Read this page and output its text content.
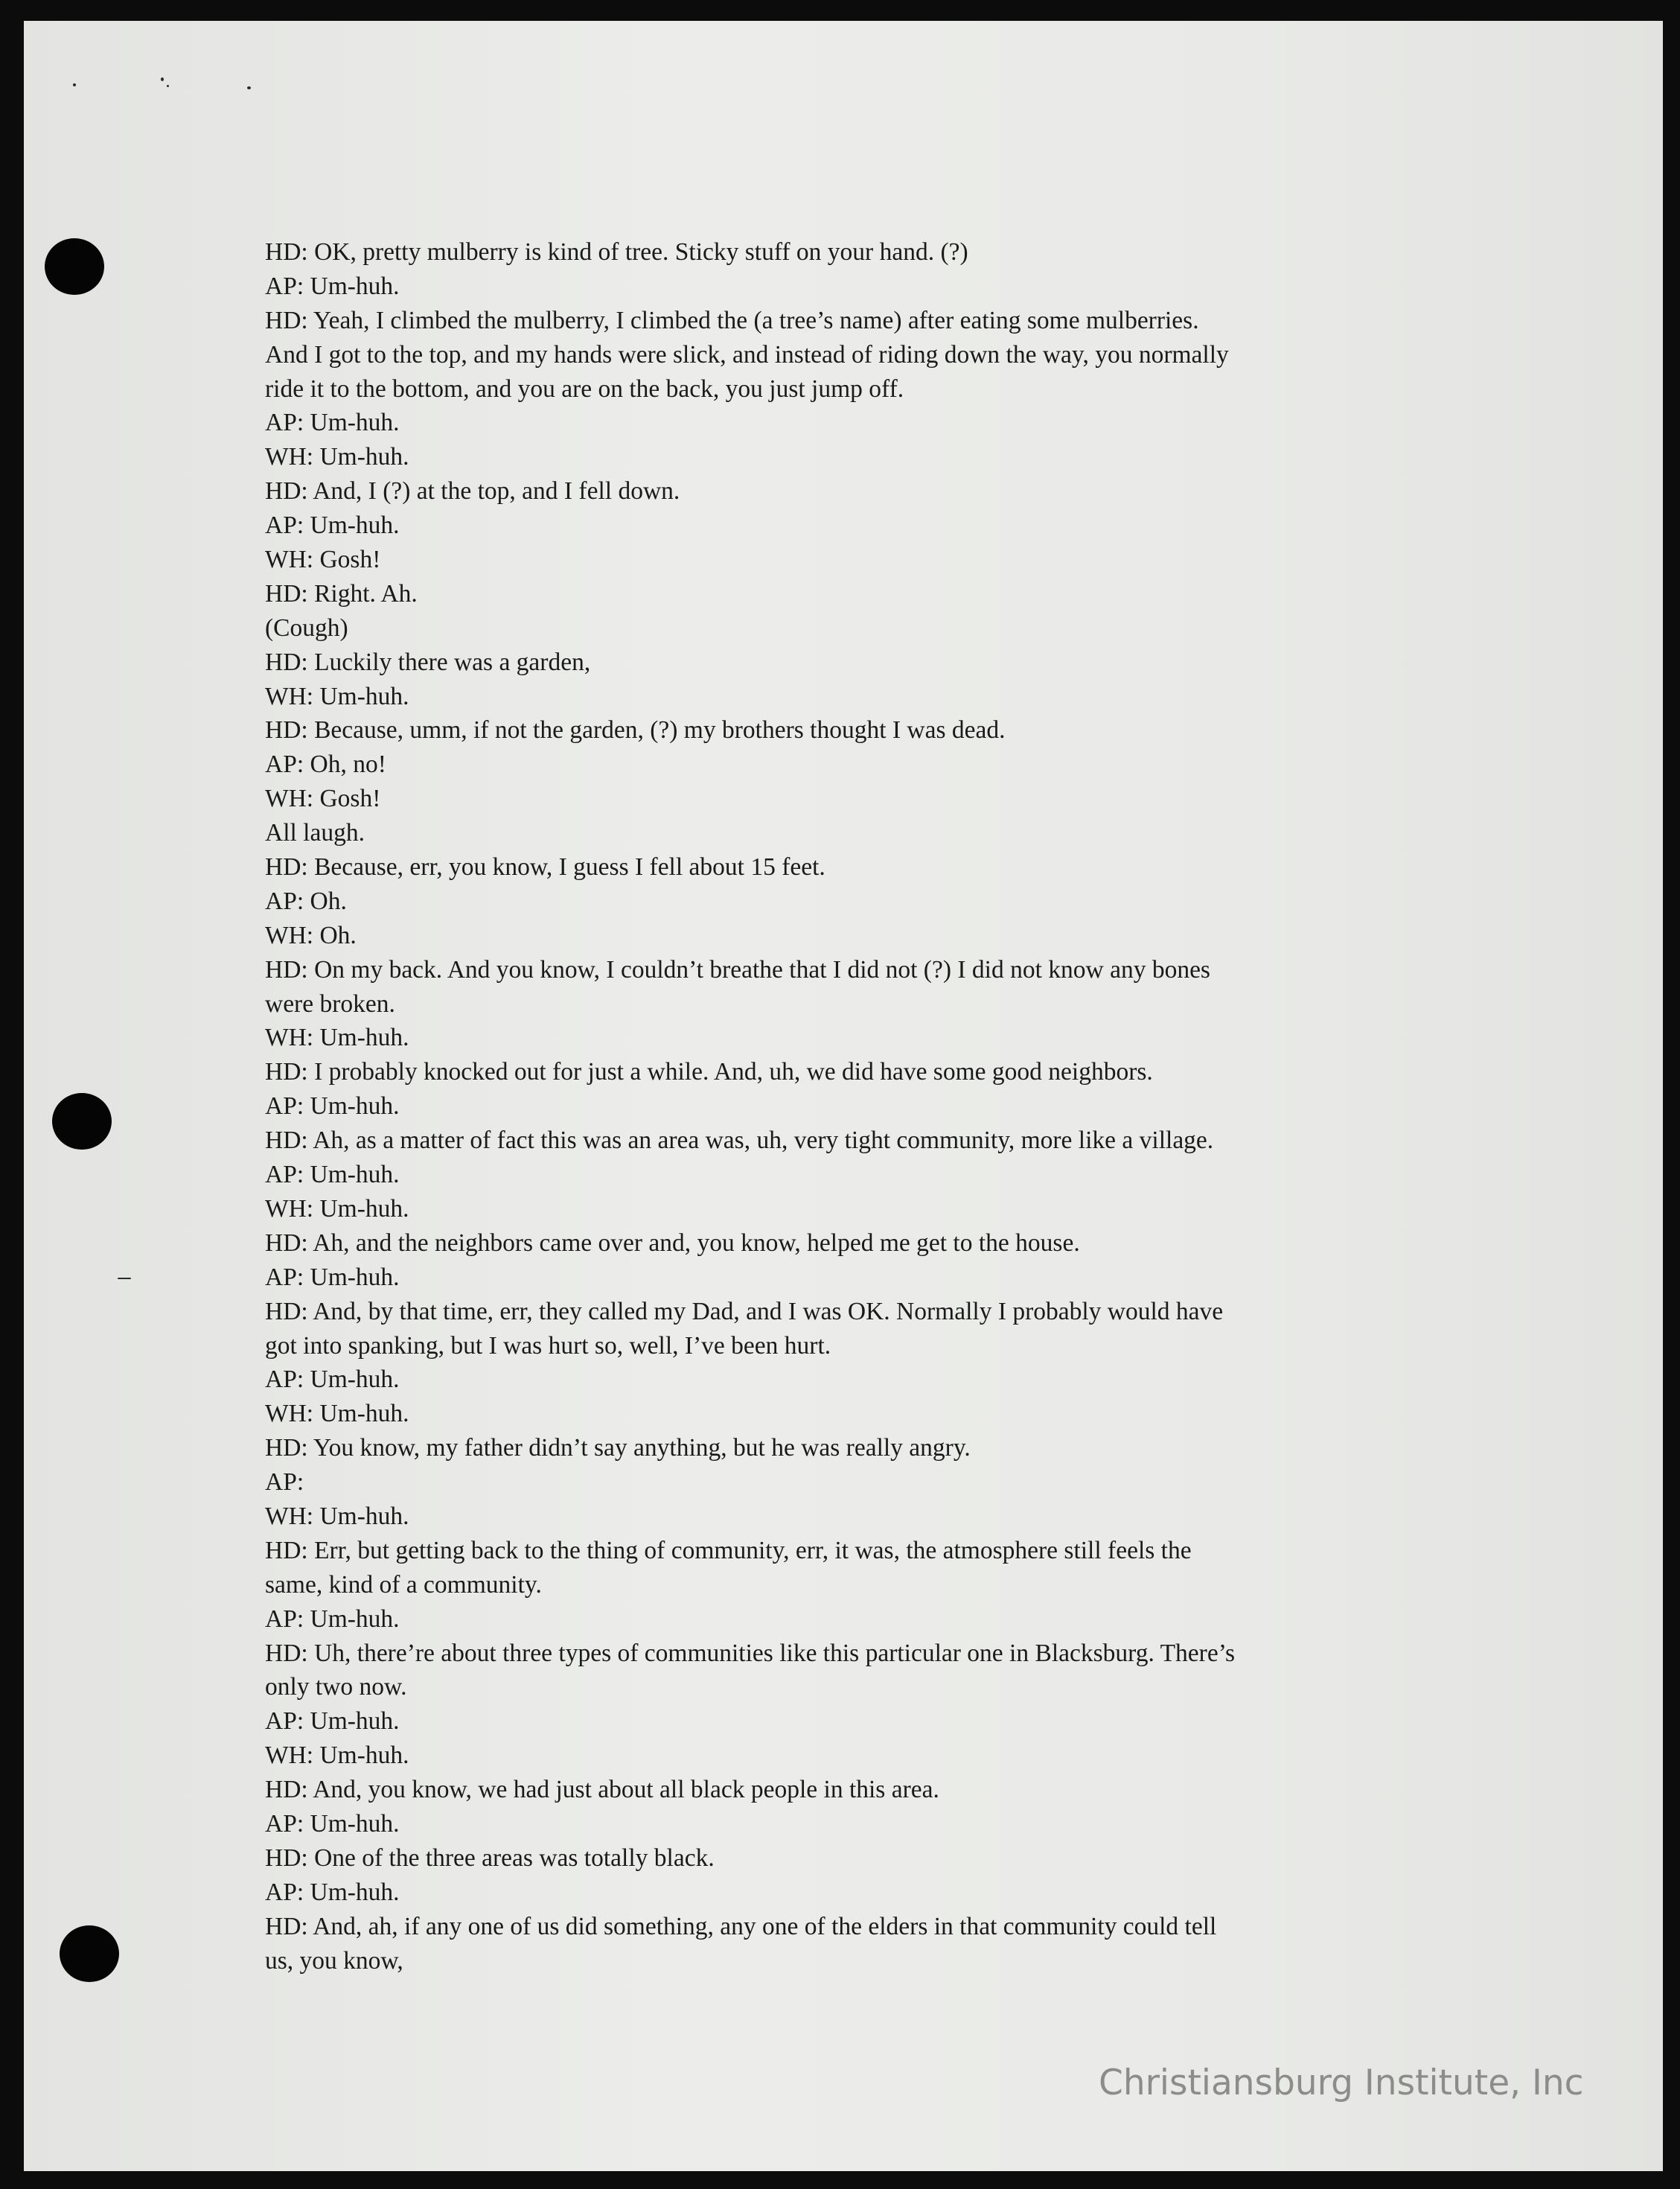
HD: OK, pretty mulberry is kind of tree. Sticky stuff on your hand. (?)
AP: Um-huh.
HD: Yeah, I climbed the mulberry, I climbed the (a tree’s name) after eating some mulberries.
And I got to the top, and my hands were slick, and instead of riding down the way, you normally
ride it to the bottom, and you are on the back, you just jump off.
AP: Um-huh.
WH: Um-huh.
HD: And, I (?) at the top, and I fell down.
AP: Um-huh.
WH: Gosh!
HD: Right. Ah.
(Cough)
HD: Luckily there was a garden,
WH: Um-huh.
HD: Because, umm, if not the garden, (?) my brothers thought I was dead.
AP: Oh, no!
WH: Gosh!
All laugh.
HD: Because, err, you know, I guess I fell about 15 feet.
AP: Oh.
WH: Oh.
HD: On my back. And you know, I couldn’t breathe that I did not (?) I did not know any bones
were broken.
WH: Um-huh.
HD: I probably knocked out for just a while. And, uh, we did have some good neighbors.
AP: Um-huh.
HD: Ah, as a matter of fact this was an area was, uh, very tight community, more like a village.
AP: Um-huh.
WH: Um-huh.
HD: Ah, and the neighbors came over and, you know, helped me get to the house.
AP: Um-huh.
HD: And, by that time, err, they called my Dad, and I was OK. Normally I probably would have
got into spanking, but I was hurt so, well, I’ve been hurt.
AP: Um-huh.
WH: Um-huh.
HD: You know, my father didn’t say anything, but he was really angry.
AP:
WH: Um-huh.
HD: Err, but getting back to the thing of community, err, it was, the atmosphere still feels the
same, kind of a community.
AP: Um-huh.
HD: Uh, there’re about three types of communities like this particular one in Blacksburg. There’s
only two now.
AP: Um-huh.
WH: Um-huh.
HD: And, you know, we had just about all black people in this area.
AP: Um-huh.
HD: One of the three areas was totally black.
AP: Um-huh.
HD: And, ah, if any one of us did something, any one of the elders in that community could tell
us, you know,
Christiansburg Institute, Inc
